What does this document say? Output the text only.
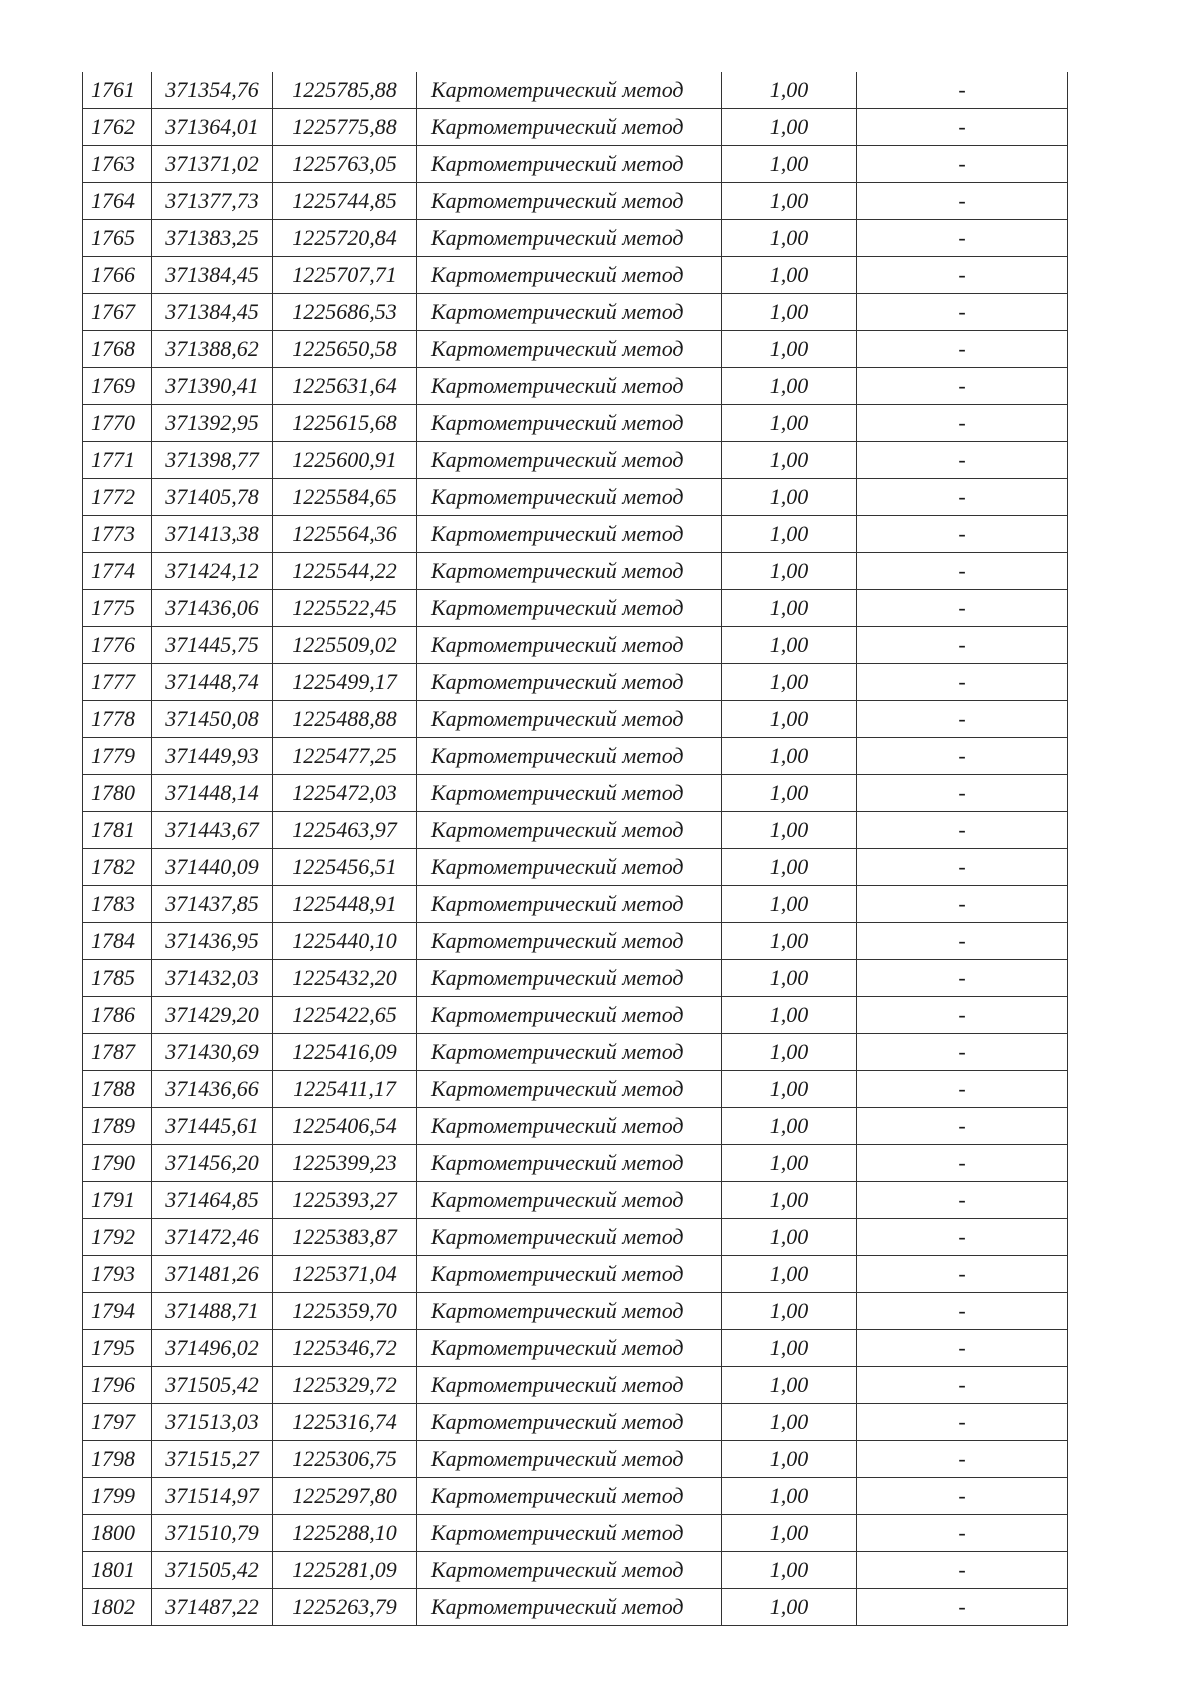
1761	371354,76	1225785,88	Картометрический метод	1,00	-
1762	371364,01	1225775,88	Картометрический метод	1,00	-
1763	371371,02	1225763,05	Картометрический метод	1,00	-
1764	371377,73	1225744,85	Картометрический метод	1,00	-
1765	371383,25	1225720,84	Картометрический метод	1,00	-
1766	371384,45	1225707,71	Картометрический метод	1,00	-
1767	371384,45	1225686,53	Картометрический метод	1,00	-
1768	371388,62	1225650,58	Картометрический метод	1,00	-
1769	371390,41	1225631,64	Картометрический метод	1,00	-
1770	371392,95	1225615,68	Картометрический метод	1,00	-
1771	371398,77	1225600,91	Картометрический метод	1,00	-
1772	371405,78	1225584,65	Картометрический метод	1,00	-
1773	371413,38	1225564,36	Картометрический метод	1,00	-
1774	371424,12	1225544,22	Картометрический метод	1,00	-
1775	371436,06	1225522,45	Картометрический метод	1,00	-
1776	371445,75	1225509,02	Картометрический метод	1,00	-
1777	371448,74	1225499,17	Картометрический метод	1,00	-
1778	371450,08	1225488,88	Картометрический метод	1,00	-
1779	371449,93	1225477,25	Картометрический метод	1,00	-
1780	371448,14	1225472,03	Картометрический метод	1,00	-
1781	371443,67	1225463,97	Картометрический метод	1,00	-
1782	371440,09	1225456,51	Картометрический метод	1,00	-
1783	371437,85	1225448,91	Картометрический метод	1,00	-
1784	371436,95	1225440,10	Картометрический метод	1,00	-
1785	371432,03	1225432,20	Картометрический метод	1,00	-
1786	371429,20	1225422,65	Картометрический метод	1,00	-
1787	371430,69	1225416,09	Картометрический метод	1,00	-
1788	371436,66	1225411,17	Картометрический метод	1,00	-
1789	371445,61	1225406,54	Картометрический метод	1,00	-
1790	371456,20	1225399,23	Картометрический метод	1,00	-
1791	371464,85	1225393,27	Картометрический метод	1,00	-
1792	371472,46	1225383,87	Картометрический метод	1,00	-
1793	371481,26	1225371,04	Картометрический метод	1,00	-
1794	371488,71	1225359,70	Картометрический метод	1,00	-
1795	371496,02	1225346,72	Картометрический метод	1,00	-
1796	371505,42	1225329,72	Картометрический метод	1,00	-
1797	371513,03	1225316,74	Картометрический метод	1,00	-
1798	371515,27	1225306,75	Картометрический метод	1,00	-
1799	371514,97	1225297,80	Картометрический метод	1,00	-
1800	371510,79	1225288,10	Картометрический метод	1,00	-
1801	371505,42	1225281,09	Картометрический метод	1,00	-
1802	371487,22	1225263,79	Картометрический метод	1,00	-
